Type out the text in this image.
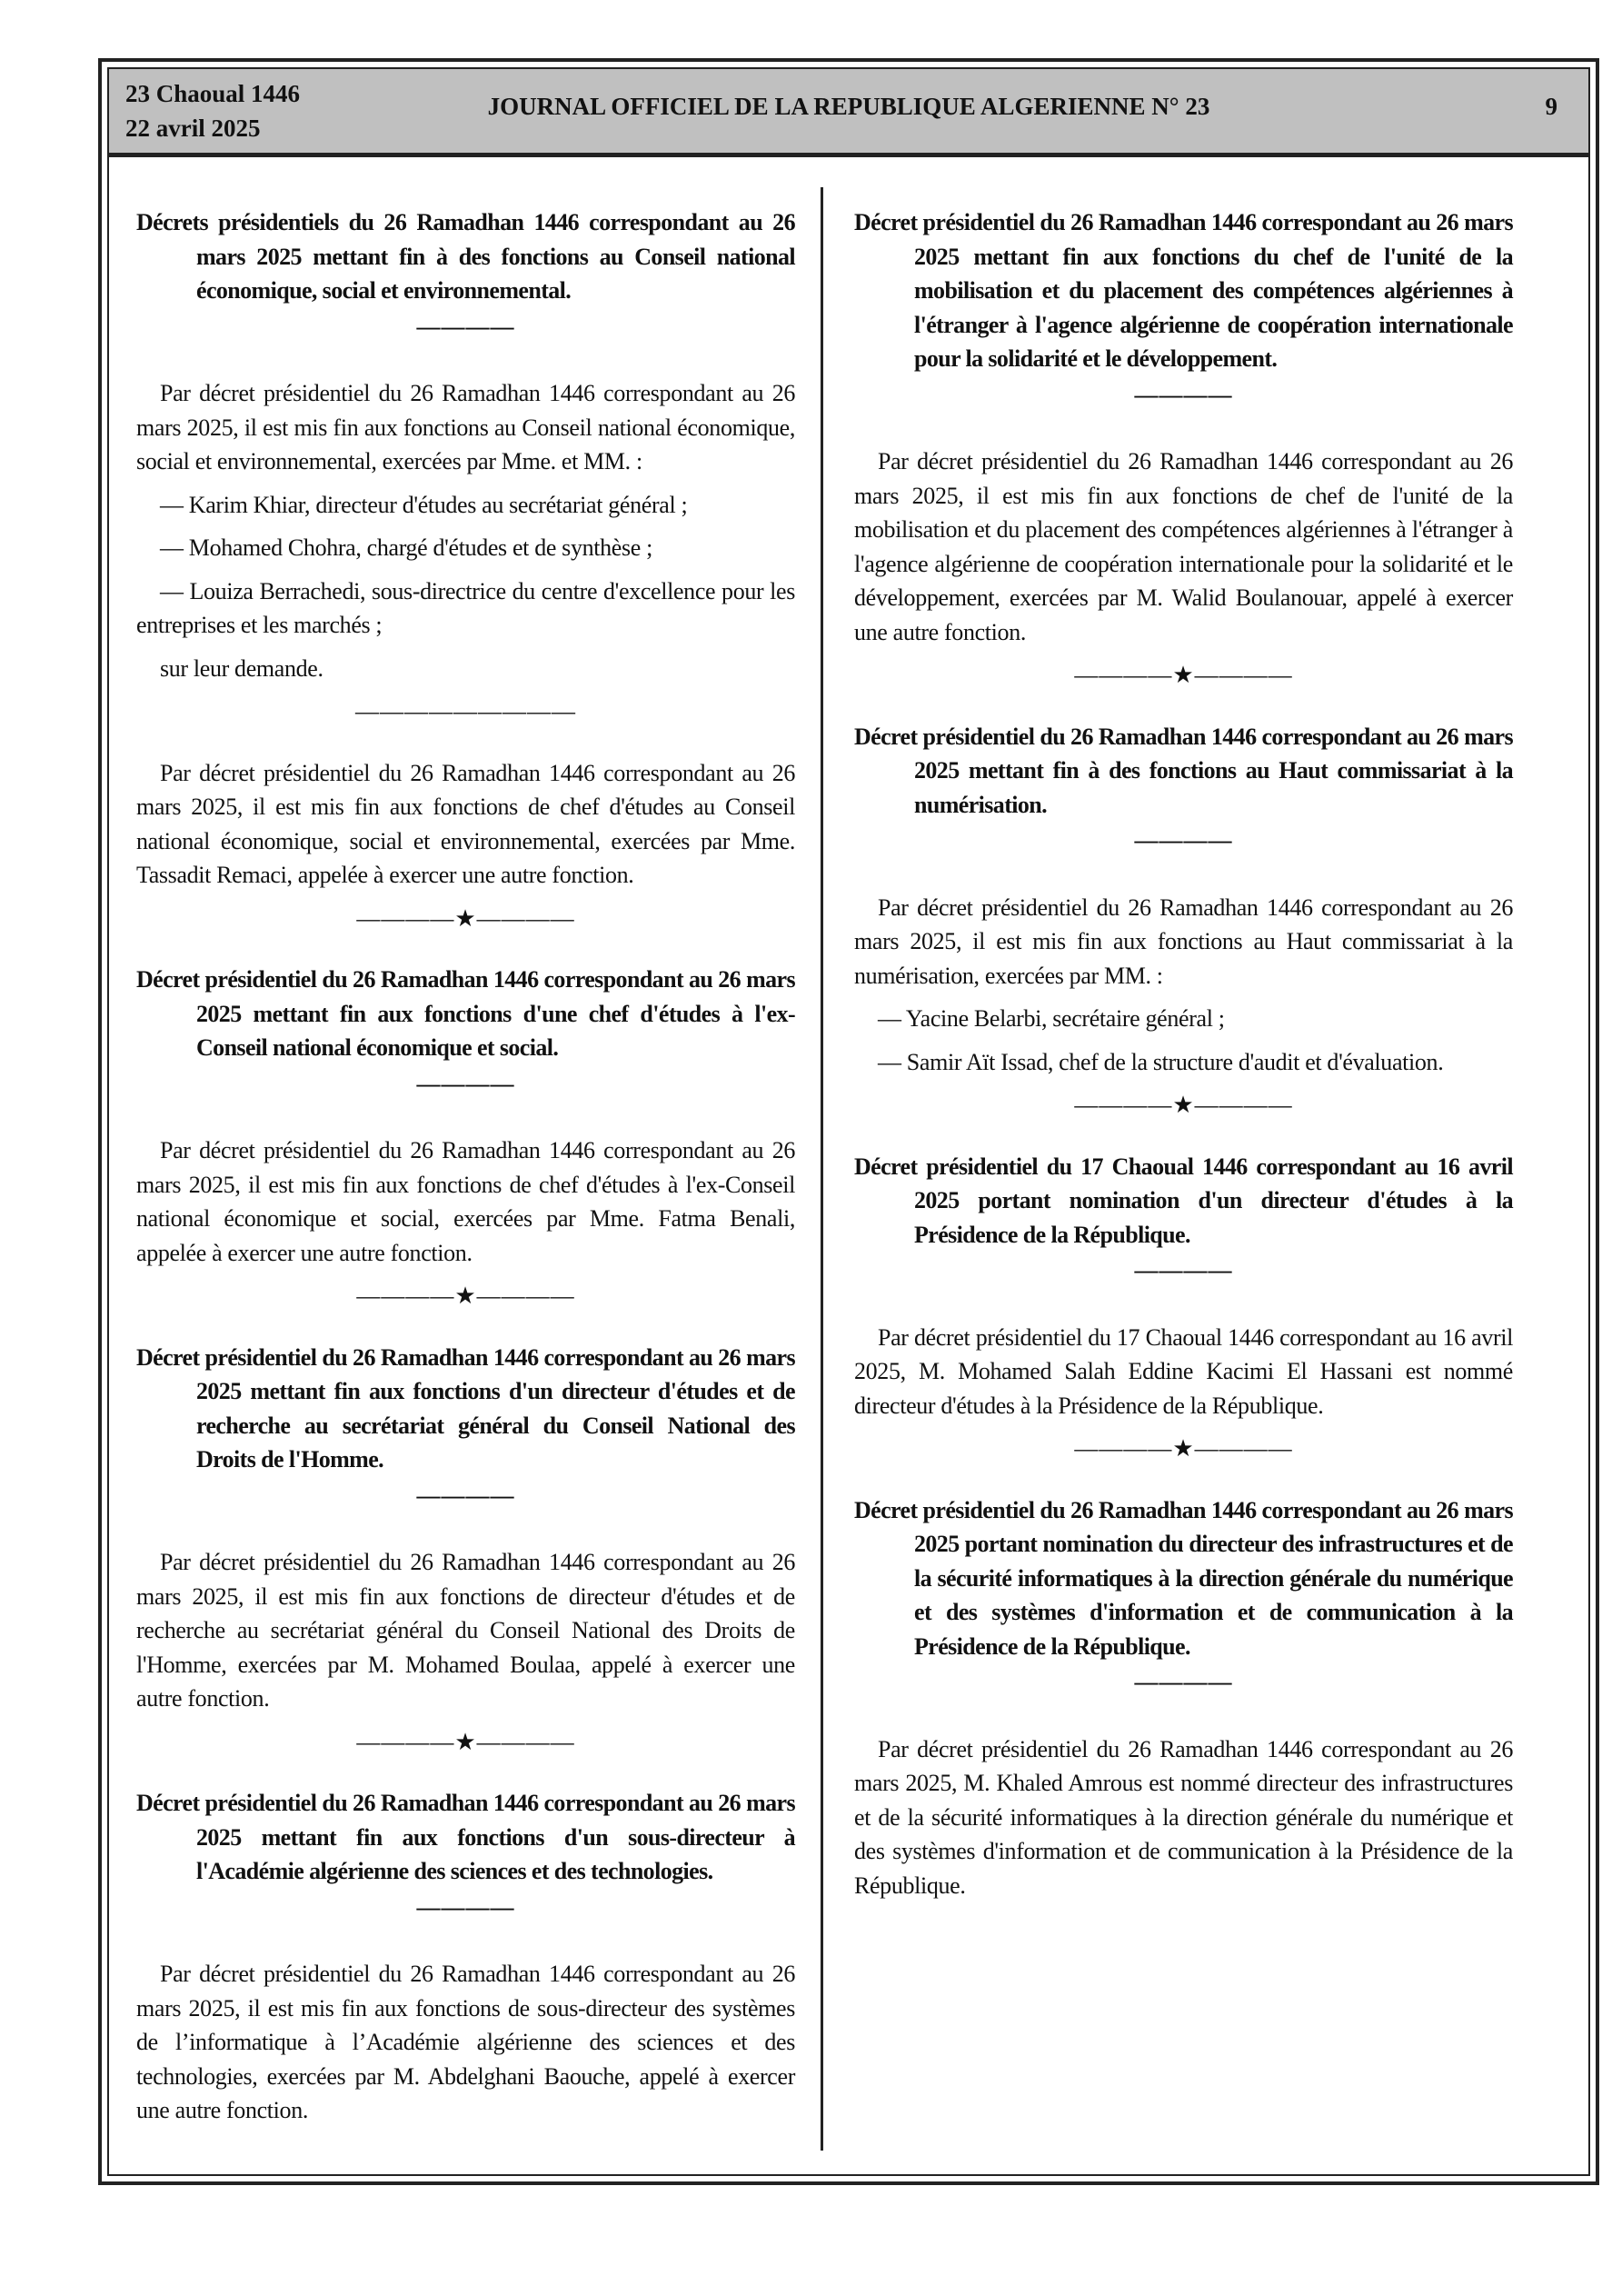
23 Chaoual 1446
22 avril 2025
JOURNAL OFFICIEL DE LA REPUBLIQUE ALGERIENNE N° 23	9

Décrets présidentiels du 26 Ramadhan 1446 correspondant au 26 mars 2025 mettant fin à des fonctions au Conseil national économique, social et environnemental.

————

Par décret présidentiel du 26 Ramadhan 1446 correspondant au 26 mars 2025, il est mis fin aux fonctions au Conseil national économique, social et environnemental, exercées par Mme. et MM. :

— Karim Khiar, directeur d'études au secrétariat général ;

— Mohamed Chohra, chargé d'études et de synthèse ;

— Louiza Berrachedi, sous-directrice du centre d'excellence pour les entreprises et les marchés ;

sur leur demande.

—————————

Par décret présidentiel du 26 Ramadhan 1446 correspondant au 26 mars 2025, il est mis fin aux fonctions de chef d'études au Conseil national économique, social et environnemental, exercées par Mme. Tassadit Remaci, appelée à exercer une autre fonction.

————★————

Décret présidentiel du 26 Ramadhan 1446 correspondant au 26 mars 2025 mettant fin aux fonctions d'une chef d'études à l'ex-Conseil national économique et social.

————

Par décret présidentiel du 26 Ramadhan 1446 correspondant au 26 mars 2025, il est mis fin aux fonctions de chef d'études à l'ex-Conseil national économique et social, exercées par Mme. Fatma Benali, appelée à exercer une autre fonction.

————★————

Décret présidentiel du 26 Ramadhan 1446 correspondant au 26 mars 2025 mettant fin aux fonctions d'un directeur d'études et de recherche au secrétariat général du Conseil National des Droits de l'Homme.

————

Par décret présidentiel du 26 Ramadhan 1446 correspondant au 26 mars 2025, il est mis fin aux fonctions de directeur d'études et de recherche au secrétariat général du Conseil National des Droits de l'Homme, exercées par M. Mohamed Boulaa, appelé à exercer une autre fonction.

————★————

Décret présidentiel du 26 Ramadhan 1446 correspondant au 26 mars 2025 mettant fin aux fonctions d'un sous-directeur à l'Académie algérienne des sciences et des technologies.

————

Par décret présidentiel du 26 Ramadhan 1446 correspondant au 26 mars 2025, il est mis fin aux fonctions de sous-directeur des systèmes de l’informatique à l’Académie algérienne des sciences et des technologies, exercées par M. Abdelghani Baouche, appelé à exercer une autre fonction.

Décret présidentiel du 26 Ramadhan 1446 correspondant au 26 mars 2025 mettant fin aux fonctions du chef de l'unité de la mobilisation et du placement des compétences algériennes à l'étranger à l'agence algérienne de coopération internationale pour la solidarité et le développement.

————

Par décret présidentiel du 26 Ramadhan 1446 correspondant au 26 mars 2025, il est mis fin aux fonctions de chef de l'unité de la mobilisation et du placement des compétences algériennes à l'étranger à l'agence algérienne de coopération internationale pour la solidarité et le développement, exercées par M. Walid Boulanouar, appelé à exercer une autre fonction.

————★————

Décret présidentiel du 26 Ramadhan 1446 correspondant au 26 mars 2025 mettant fin à des fonctions au Haut commissariat à la numérisation.

————

Par décret présidentiel du 26 Ramadhan 1446 correspondant au 26 mars 2025, il est mis fin aux fonctions au Haut commissariat à la numérisation, exercées par MM. :

— Yacine Belarbi, secrétaire général ;

— Samir Aït Issad, chef de la structure d'audit et d'évaluation.

————★————

Décret présidentiel du 17 Chaoual 1446 correspondant au 16 avril 2025 portant nomination d'un directeur d'études à la Présidence de la République.

————

Par décret présidentiel du 17 Chaoual 1446 correspondant au 16 avril 2025, M. Mohamed Salah Eddine Kacimi El Hassani est nommé directeur d'études à la Présidence de la République.

————★————

Décret présidentiel du 26 Ramadhan 1446 correspondant au 26 mars 2025 portant nomination du directeur des infrastructures et de la sécurité informatiques à la direction générale du numérique et des systèmes d'information et de communication à la Présidence de la République.

————

Par décret présidentiel du 26 Ramadhan 1446 correspondant au 26 mars 2025, M. Khaled Amrous est nommé directeur des infrastructures et de la sécurité informatiques à la direction générale du numérique et des systèmes d'information et de communication à la Présidence de la République.
